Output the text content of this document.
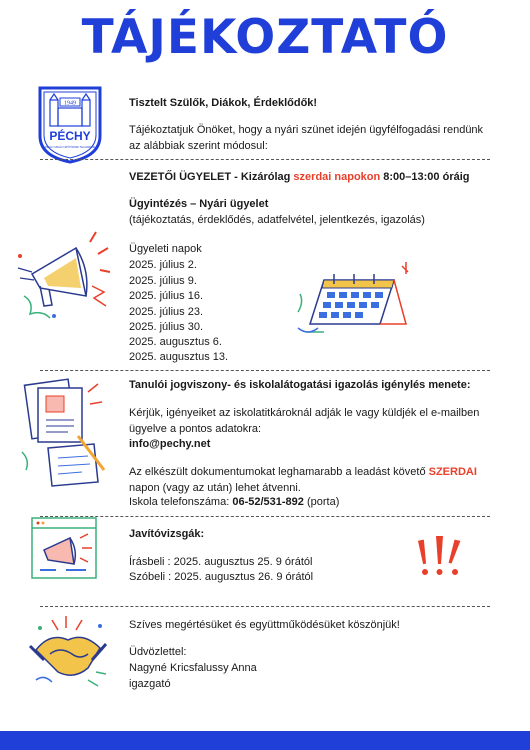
TÁJÉKOZTATÓ
1949
PÉCHY
PÉCHY MIHÁLY ÉPÍTŐIPARI TECHNIKUM

Tisztelt Szülők, Diákok, Érdeklődők!

Tájékoztatjuk Önöket, hogy a nyári szünet idején ügyfélfogadási rendünk az alábbiak szerint módosul:

VEZETŐI ÜGYELET - Kizárólag szerdai napokon 8:00–13:00 óráig

Ügyintézés – Nyári ügyelet

(tájékoztatás, érdeklődés, adatfelvétel, jelentkezés, igazolás)

Ügyeleti napok

2025. július 2.

2025. július 9.

2025. július 16.

2025. július 23.

2025. július 30.

2025. augusztus 6.

2025. augusztus 13.

Tanulói jogviszony- és iskolalátogatási igazolás igénylés menete:

Kérjük, igényeiket az iskolatitkároknál adják le vagy küldjék el e-mailben ügyelve a pontos adatokra:

info@pechy.net

Az elkészült dokumentumokat leghamarabb a leadást követő SZERDAI napon (vagy az után) lehet átvenni.

Iskola telefonszáma: 06-52/531-892 (porta)

Javítóvizsgák:

Írásbeli : 2025. augusztus 25. 9 órától

Szóbeli : 2025. augusztus 26. 9 órától

Szíves megértésüket és együttműködésüket köszönjük!

Üdvözlettel:

Nagyné Kricsfalussy Anna

igazgató
